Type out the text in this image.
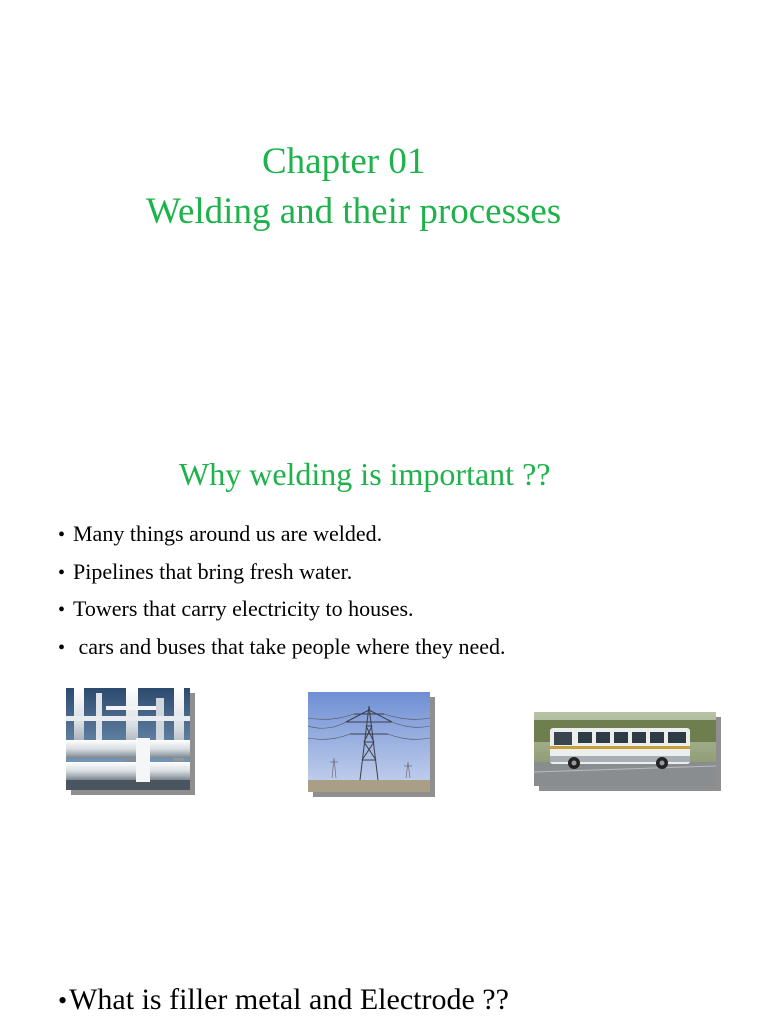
Chapter 01
Welding and their processes
Why welding is important ??
• Many things around us are welded.
• Pipelines that bring fresh water.
• Towers that carry electricity to houses.
• cars and buses that take people where they need.

• What is filler metal and Electrode ??
